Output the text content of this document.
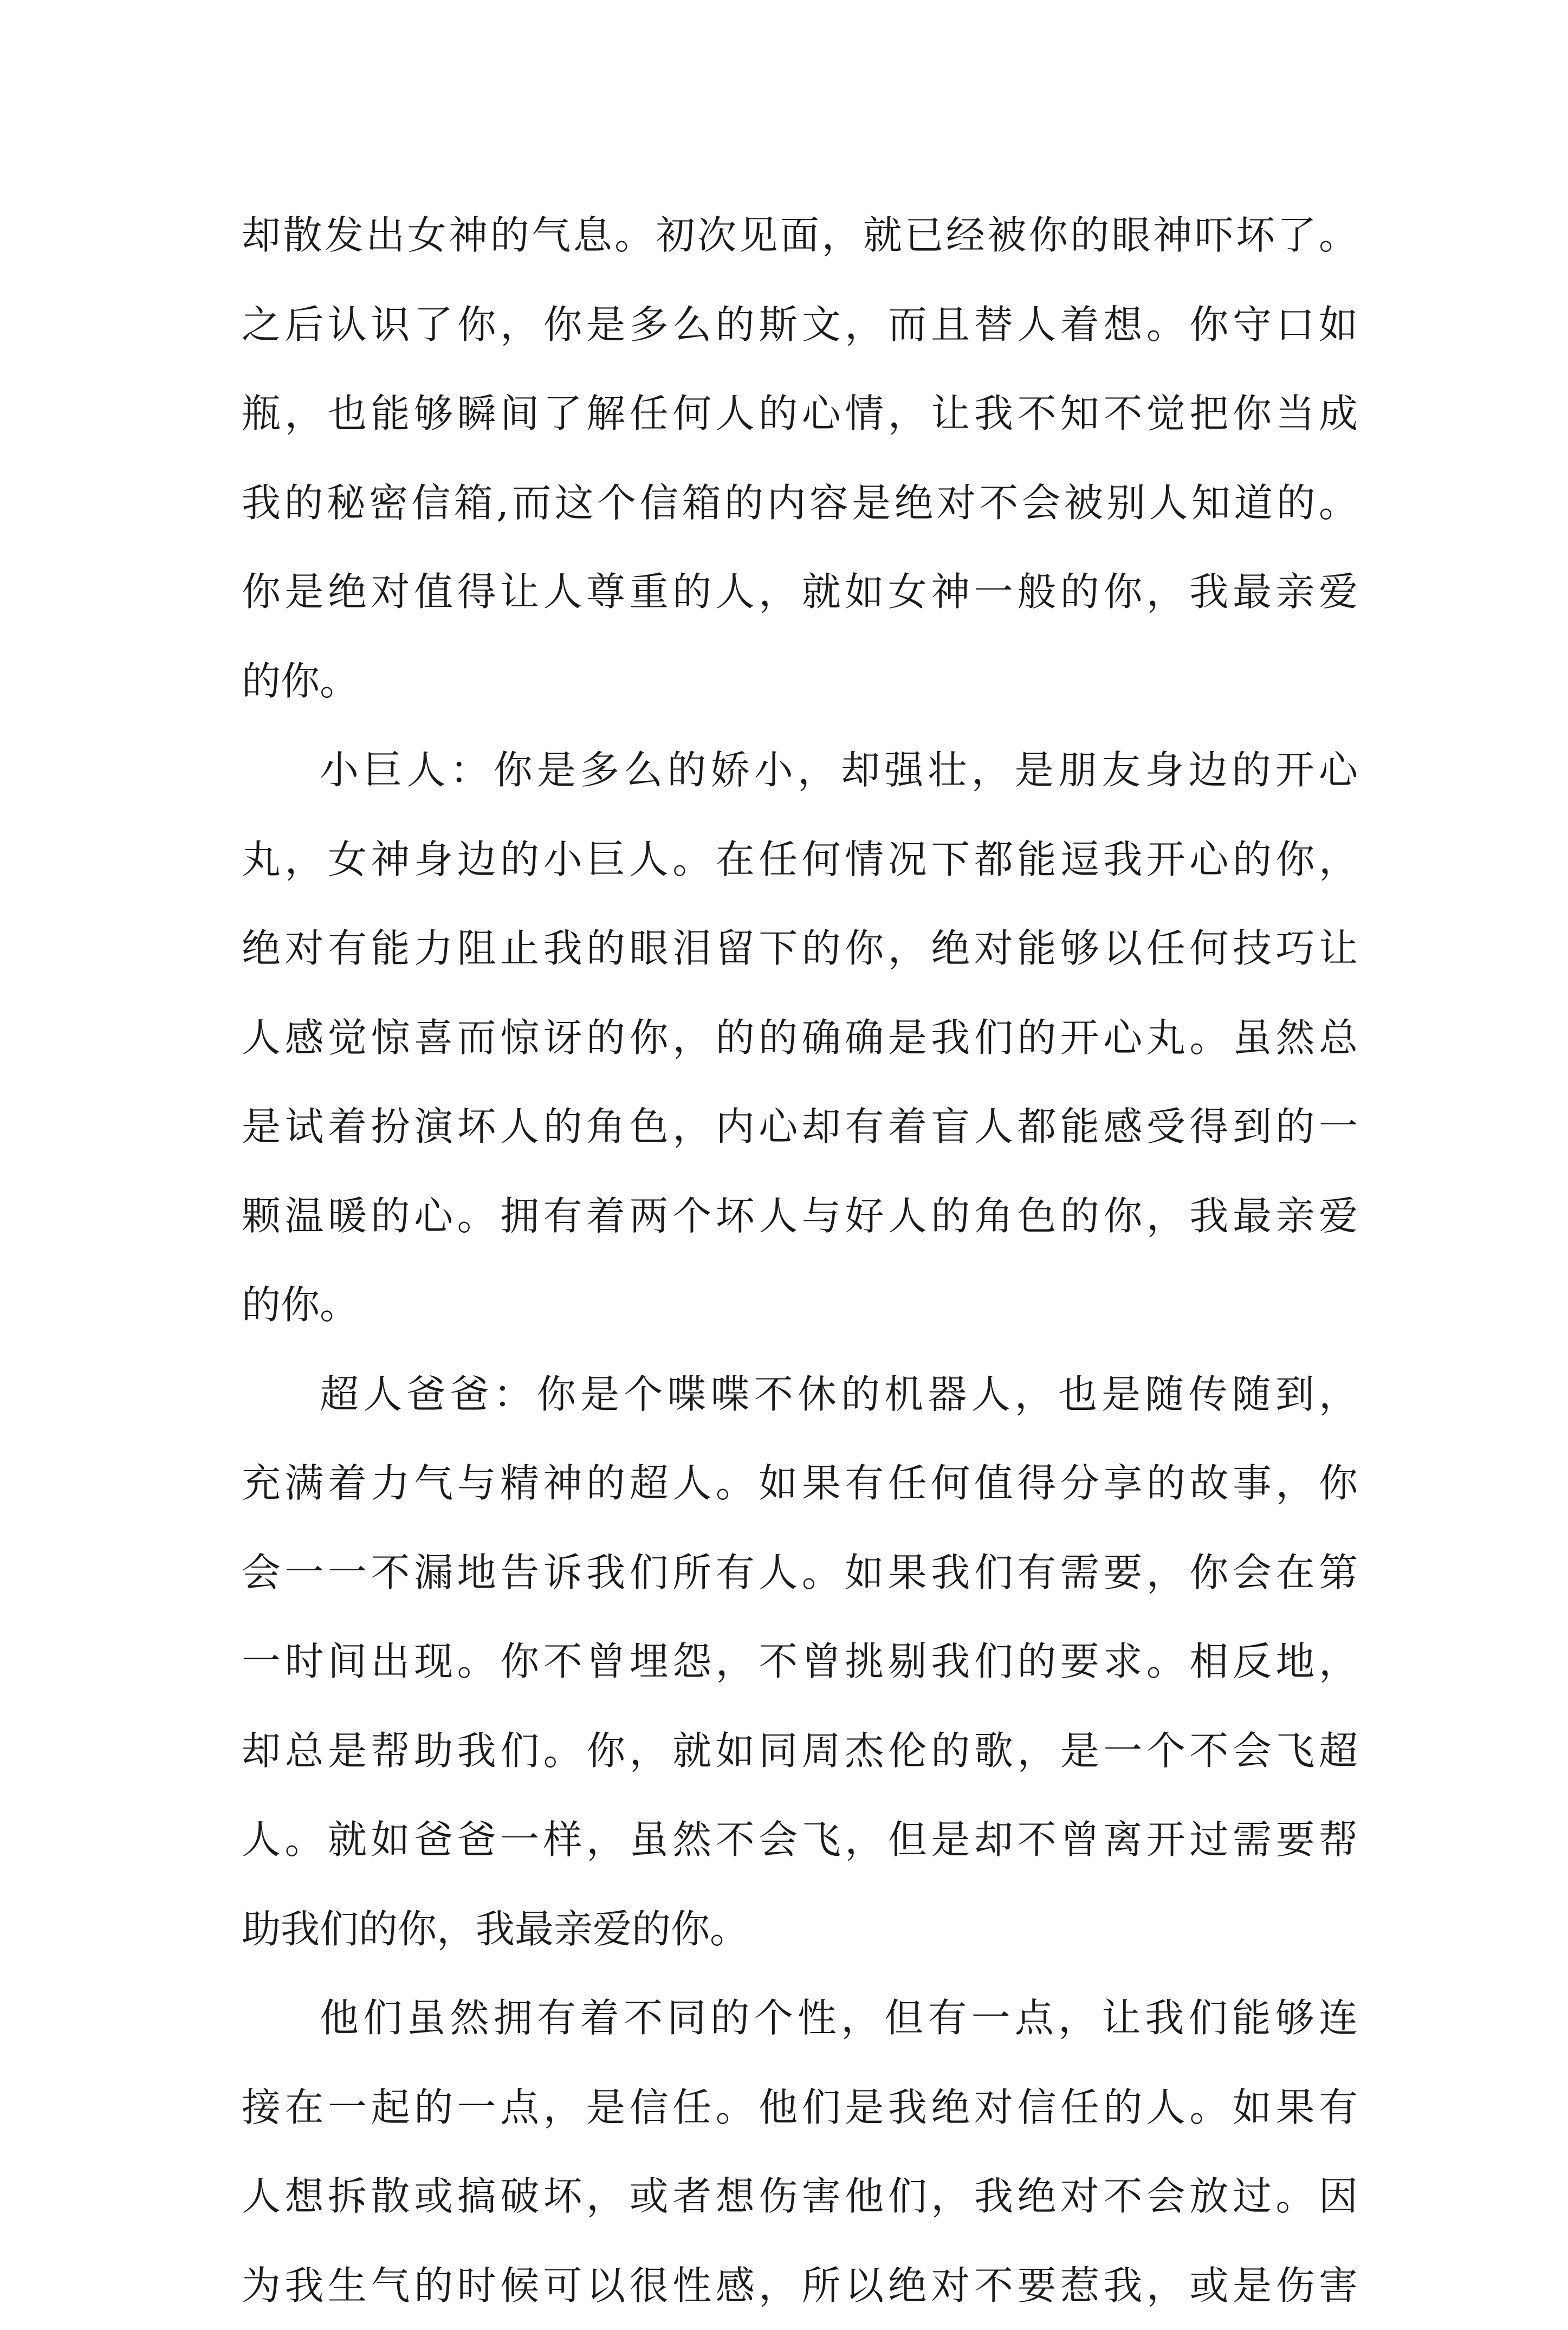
却散发出女神的气息。初次见面，就已经被你的眼神吓坏了。
之后认识了你，你是多么的斯文，而且替人着想。你守口如
瓶，也能够瞬间了解任何人的心情，让我不知不觉把你当成
我的秘密信箱,而这个信箱的内容是绝对不会被别人知道的。
你是绝对值得让人尊重的人，就如女神一般的你，我最亲爱
的你。
小巨人：你是多么的娇小，却强壮，是朋友身边的开心
丸，女神身边的小巨人。在任何情况下都能逗我开心的你，
绝对有能力阻止我的眼泪留下的你，绝对能够以任何技巧让
人感觉惊喜而惊讶的你，的的确确是我们的开心丸。虽然总
是试着扮演坏人的角色，内心却有着盲人都能感受得到的一
颗温暖的心。拥有着两个坏人与好人的角色的你，我最亲爱
的你。
超人爸爸：你是个喋喋不休的机器人，也是随传随到，
充满着力气与精神的超人。如果有任何值得分享的故事，你
会一一不漏地告诉我们所有人。如果我们有需要，你会在第
一时间出现。你不曾埋怨，不曾挑剔我们的要求。相反地，
却总是帮助我们。你，就如同周杰伦的歌，是一个不会飞超
人。就如爸爸一样，虽然不会飞，但是却不曾离开过需要帮
助我们的你，我最亲爱的你。
他们虽然拥有着不同的个性，但有一点，让我们能够连
接在一起的一点，是信任。他们是我绝对信任的人。如果有
人想拆散或搞破坏，或者想伤害他们，我绝对不会放过。因
为我生气的时候可以很性感，所以绝对不要惹我，或是伤害
